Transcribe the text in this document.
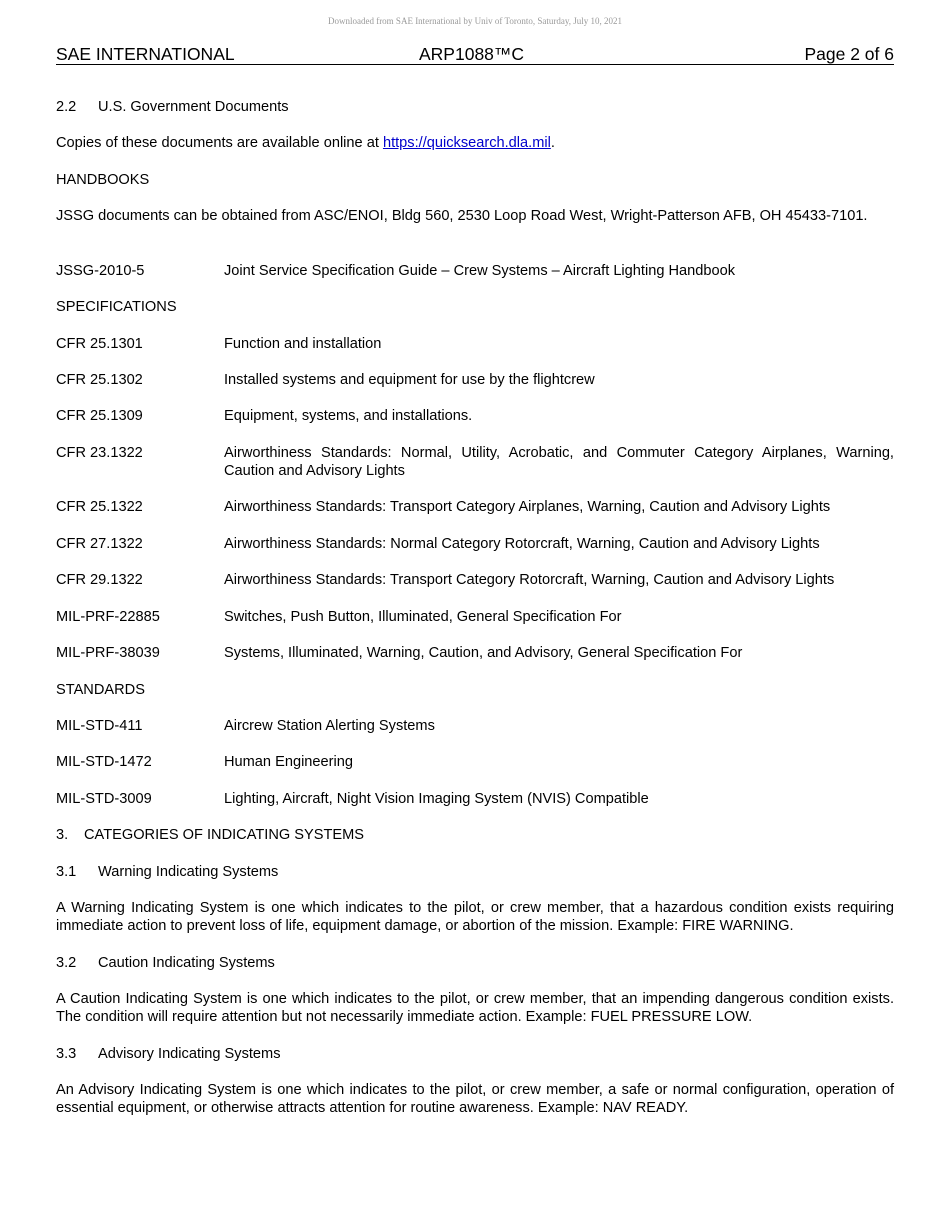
Downloaded from SAE International by Univ of Toronto, Saturday, July 10, 2021
SAE INTERNATIONAL	ARP1088™C	Page 2 of 6
2.2 U.S. Government Documents
Copies of these documents are available online at https://quicksearch.dla.mil.
HANDBOOKS
JSSG documents can be obtained from ASC/ENOI, Bldg 560, 2530 Loop Road West, Wright-Patterson AFB, OH 45433-7101.
JSSG-2010-5	Joint Service Specification Guide – Crew Systems – Aircraft Lighting Handbook
SPECIFICATIONS
CFR 25.1301	Function and installation
CFR 25.1302	Installed systems and equipment for use by the flightcrew
CFR 25.1309	Equipment, systems, and installations.
CFR 23.1322	Airworthiness Standards: Normal, Utility, Acrobatic, and Commuter Category Airplanes, Warning, Caution and Advisory Lights
CFR 25.1322	Airworthiness Standards: Transport Category Airplanes, Warning, Caution and Advisory Lights
CFR 27.1322	Airworthiness Standards: Normal Category Rotorcraft, Warning, Caution and Advisory Lights
CFR 29.1322	Airworthiness Standards: Transport Category Rotorcraft, Warning, Caution and Advisory Lights
MIL-PRF-22885	Switches, Push Button, Illuminated, General Specification For
MIL-PRF-38039	Systems, Illuminated, Warning, Caution, and Advisory, General Specification For
STANDARDS
MIL-STD-411	Aircrew Station Alerting Systems
MIL-STD-1472	Human Engineering
MIL-STD-3009	Lighting, Aircraft, Night Vision Imaging System (NVIS) Compatible
3. CATEGORIES OF INDICATING SYSTEMS
3.1 Warning Indicating Systems
A Warning Indicating System is one which indicates to the pilot, or crew member, that a hazardous condition exists requiring immediate action to prevent loss of life, equipment damage, or abortion of the mission. Example: FIRE WARNING.
3.2 Caution Indicating Systems
A Caution Indicating System is one which indicates to the pilot, or crew member, that an impending dangerous condition exists. The condition will require attention but not necessarily immediate action. Example: FUEL PRESSURE LOW.
3.3 Advisory Indicating Systems
An Advisory Indicating System is one which indicates to the pilot, or crew member, a safe or normal configuration, operation of essential equipment, or otherwise attracts attention for routine awareness. Example: NAV READY.
